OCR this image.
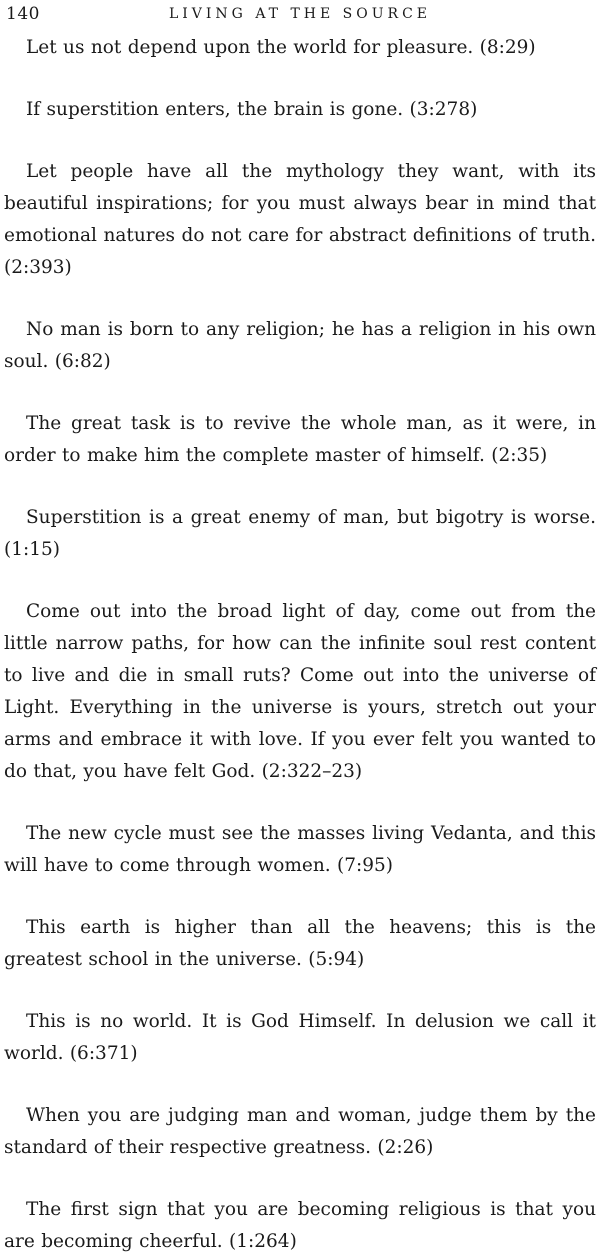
140	LIVING AT THE SOURCE

Let us not depend upon the world for pleasure. (8:29)

If superstition enters, the brain is gone. (3:278)

Let people have all the mythology they want, with its beautiful inspirations; for you must always bear in mind that emotional natures do not care for abstract definitions of truth. (2:393)

No man is born to any religion; he has a religion in his own soul. (6:82)

The great task is to revive the whole man, as it were, in order to make him the complete master of himself. (2:35)

Superstition is a great enemy of man, but bigotry is worse. (1:15)

Come out into the broad light of day, come out from the little narrow paths, for how can the infinite soul rest content to live and die in small ruts? Come out into the universe of Light. Everything in the universe is yours, stretch out your arms and embrace it with love. If you ever felt you wanted to do that, you have felt God. (2:322–23)

The new cycle must see the masses living Vedanta, and this will have to come through women. (7:95)

This earth is higher than all the heavens; this is the greatest school in the universe. (5:94)

This is no world. It is God Himself. In delusion we call it world. (6:371)

When you are judging man and woman, judge them by the standard of their respective greatness. (2:26)

The first sign that you are becoming religious is that you are becoming cheerful. (1:264)
